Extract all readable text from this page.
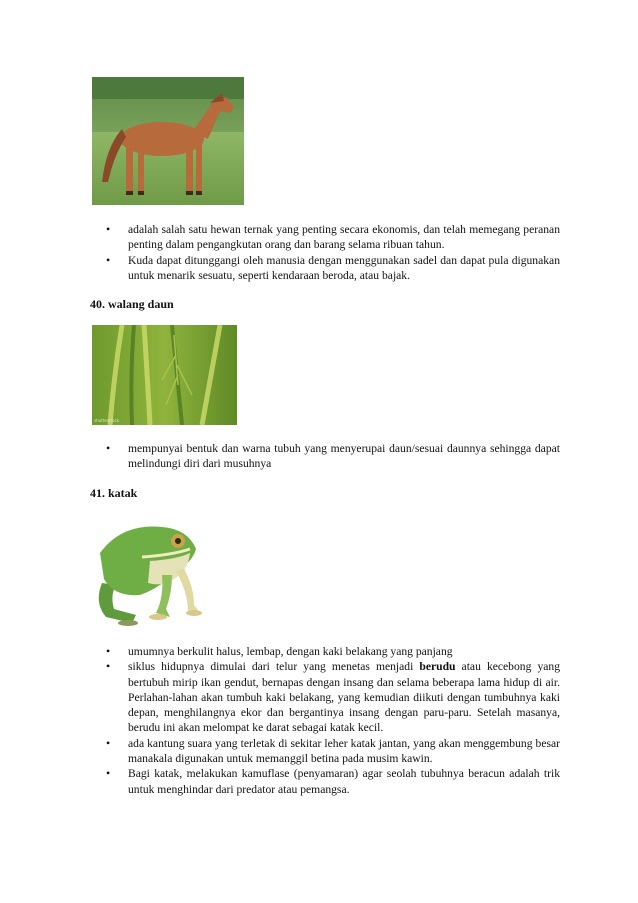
• adalah salah satu hewan ternak yang penting secara ekonomis, dan telah memegang peranan penting dalam pengangkutan orang dan barang selama ribuan tahun.
• Kuda dapat ditunggangi oleh manusia dengan menggunakan sadel dan dapat pula digunakan untuk menarik sesuatu, seperti kendaraan beroda, atau bajak.
40. walang daun
shutterstock
• mempunyai bentuk dan warna tubuh yang menyerupai daun/sesuai daunnya sehingga dapat melindungi diri dari musuhnya
41. katak
• umumnya berkulit halus, lembap, dengan kaki belakang yang panjang
• siklus hidupnya dimulai dari telur yang menetas menjadi berudu atau kecebong yang bertubuh mirip ikan gendut, bernapas dengan insang dan selama beberapa lama hidup di air. Perlahan-lahan akan tumbuh kaki belakang, yang kemudian diikuti dengan tumbuhnya kaki depan, menghilangnya ekor dan bergantinya insang dengan paru-paru. Setelah masanya, berudu ini akan melompat ke darat sebagai katak kecil.
• ada kantung suara yang terletak di sekitar leher katak jantan, yang akan menggembung besar manakala digunakan untuk memanggil betina pada musim kawin.
• Bagi katak, melakukan kamuflase (penyamaran) agar seolah tubuhnya beracun adalah trik untuk menghindar dari predator atau pemangsa.
